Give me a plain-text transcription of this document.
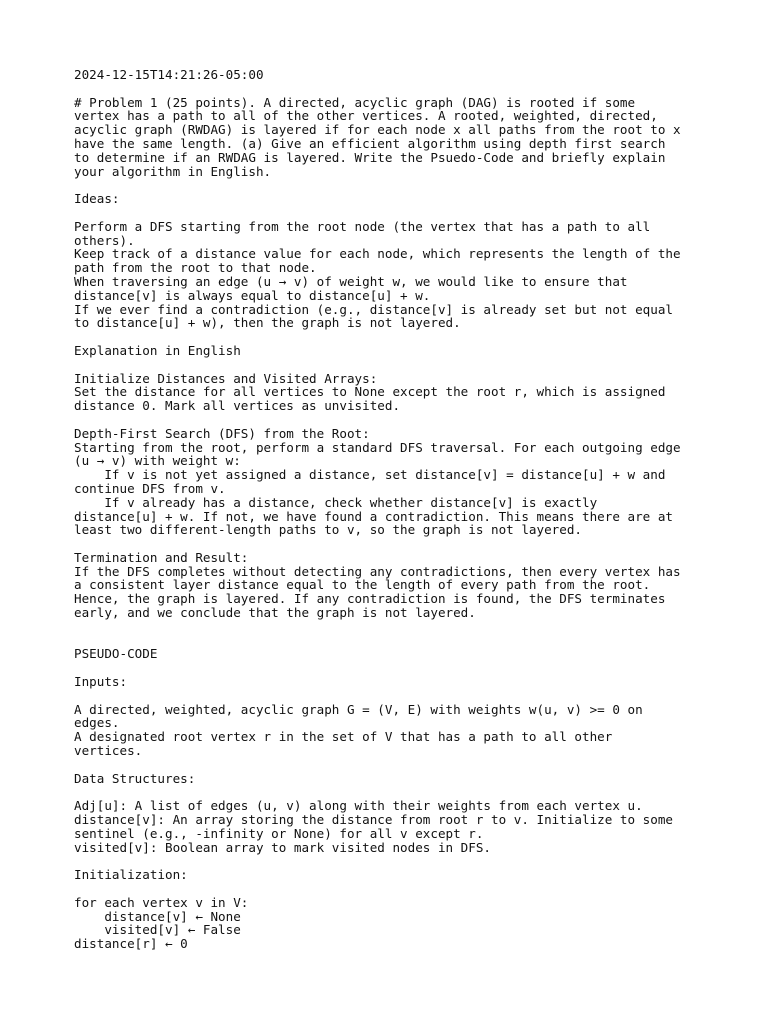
2024-12-15T14:21:26-05:00
# Problem 1 (25 points). A directed, acyclic graph (DAG) is rooted if some
vertex has a path to all of the other vertices. A rooted, weighted, directed,
acyclic graph (RWDAG) is layered if for each node x all paths from the root to x
have the same length. (a) Give an efficient algorithm using depth first search
to determine if an RWDAG is layered. Write the Psuedo-Code and briefly explain
your algorithm in English.
Ideas:
Perform a DFS starting from the root node (the vertex that has a path to all
others).
Keep track of a distance value for each node, which represents the length of the
path from the root to that node.
When traversing an edge (u → v) of weight w, we would like to ensure that
distance[v] is always equal to distance[u] + w.
If we ever find a contradiction (e.g., distance[v] is already set but not equal
to distance[u] + w), then the graph is not layered.
Explanation in English
Initialize Distances and Visited Arrays:
Set the distance for all vertices to None except the root r, which is assigned
distance 0. Mark all vertices as unvisited.
Depth-First Search (DFS) from the Root:
Starting from the root, perform a standard DFS traversal. For each outgoing edge
(u → v) with weight w:
If v is not yet assigned a distance, set distance[v] = distance[u] + w and
continue DFS from v.
If v already has a distance, check whether distance[v] is exactly
distance[u] + w. If not, we have found a contradiction. This means there are at
least two different-length paths to v, so the graph is not layered.
Termination and Result:
If the DFS completes without detecting any contradictions, then every vertex has
a consistent layer distance equal to the length of every path from the root.
Hence, the graph is layered. If any contradiction is found, the DFS terminates
early, and we conclude that the graph is not layered.
PSEUDO-CODE
Inputs:
A directed, weighted, acyclic graph G = (V, E) with weights w(u, v) >= 0 on
edges.
A designated root vertex r in the set of V that has a path to all other
vertices.
Data Structures:
Adj[u]: A list of edges (u, v) along with their weights from each vertex u.
distance[v]: An array storing the distance from root r to v. Initialize to some
sentinel (e.g., -infinity or None) for all v except r.
visited[v]: Boolean array to mark visited nodes in DFS.
Initialization:
for each vertex v in V:
distance[v] ← None
visited[v] ← False
distance[r] ← 0
